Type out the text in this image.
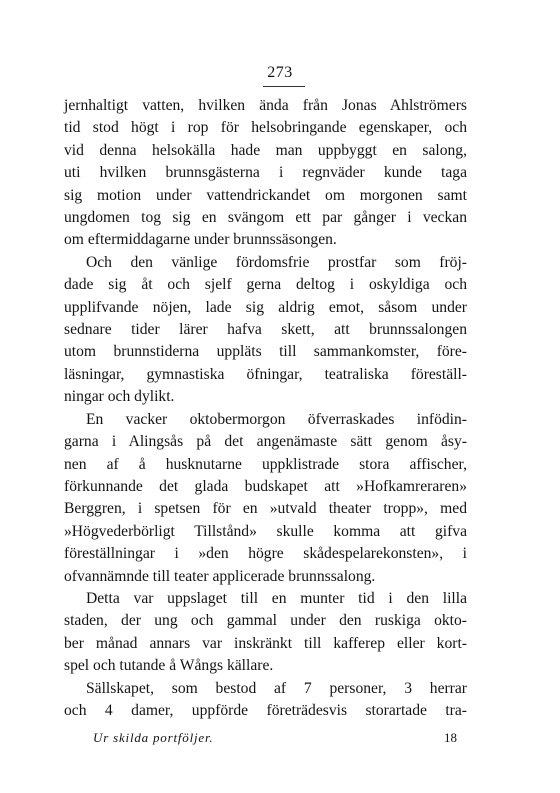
273

jernhaltigt vatten, hvilken ända från Jonas Ahlströmers

tid stod högt i rop för helsobringande egenskaper, och

vid denna helsokälla hade man uppbyggt en salong,

uti hvilken brunnsgästerna i regnväder kunde taga

sig motion under vattendrickandet om morgonen samt

ungdomen tog sig en svängom ett par gånger i veckan

om eftermiddagarne under brunnssäsongen.

Och den vänlige fördomsfrie prostfar som fröj-

dade sig åt och sjelf gerna deltog i oskyldiga och

upplifvande nöjen, lade sig aldrig emot, såsom under

sednare tider lärer hafva skett, att brunnssalongen

utom brunnstiderna uppläts till sammankomster, före-

läsningar, gymnastiska öfningar, teatraliska föreställ-

ningar och dylikt.

En vacker oktobermorgon öfverraskades infödin-

garna i Alingsås på det angenämaste sätt genom åsy-

nen af å husknutarne uppklistrade stora affischer,

förkunnande det glada budskapet att »Hofkamreraren»

Berggren, i spetsen för en »utvald theater tropp», med

»Högvederbörligt Tillstånd» skulle komma att gifva

föreställningar i »den högre skådespelarekonsten», i

ofvannämnde till teater applicerade brunnssalong.

Detta var uppslaget till en munter tid i den lilla

staden, der ung och gammal under den ruskiga okto-

ber månad annars var inskränkt till kafferep eller kort-

spel och tutande å Wångs källare.

Sällskapet, som bestod af 7 personer, 3 herrar

och 4 damer, uppförde företrädesvis storartade tra-

Ur skilda portföljer.	18
